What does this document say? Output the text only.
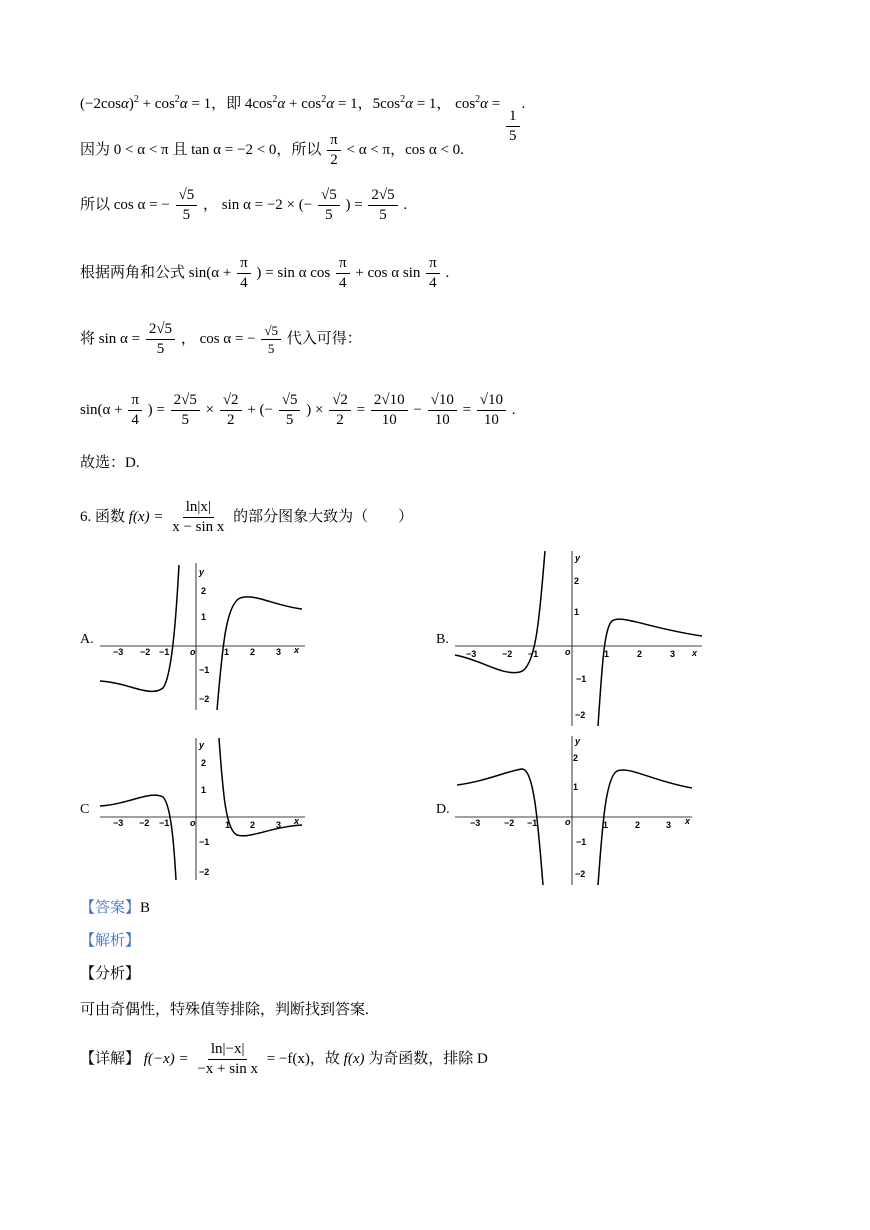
$(-2\cos\alpha)^2 + \cos^2\alpha = 1$，即 $4\cos^2\alpha + \cos^2\alpha = 1$，$5\cos^2\alpha = 1$， $\cos^2\alpha$ =
$\frac{1}{5}$
.
因为 0 < α < π 且 tan α = −2 < 0，所以 $\frac{\pi}{2} < \alpha < \pi$，cos α < 0.
所以 cos α = − $\frac{√5}{5}$ ， sin α = −2 × (− $\frac{√5}{5}$ ) = $\frac{2√5}{5}$ .
根据两角和公式 $\sin(\alpha + \frac{\pi}{4}$ ) = sin α $\cos \frac{\pi}{4} + \cos \alpha$ $\sin \frac{\pi}{4}$ .
将 $\sin \alpha = \frac{2√5}{5}$ ， cos α = − $\frac{√5}{5}$ 代入可得：
$\sin(\alpha + \frac{\pi}{4}$ ) = $\frac{2√5}{5} \times \frac{√2}{2}$ + (− $\frac{√5}{5}$ ) × $\frac{√2}{2} = \frac{2√10}{10} - \frac{√10}{10} = \frac{√10}{10}$ .
故选：D.
6. 函数 $f(x) = \frac{\ln|x|}{\text{x − sin x}}$ 的部分图象大致为（　　）
A.	B.
C	D.
y
x
o
−3 −2 −1	1 2 3
2
1
−1
−2
y
x
o
−3	−2 −1	1	2	3
2
1
−1
−2
y
x
o
−3 −2 −1	1 2 3
2
1
−1
−2
y
x
o
−3	−2 −1	1	2	3
2
1
−1
−2
【答案】B
【解析】
【分析】
可由奇偶性，特殊值等排除，判断找到答案.
【详解】 $f(-x) = \frac{\ln|-x|}{\text{−x + sin x}} = -f(x)$，故 f(x) 为奇函数，排除 D
